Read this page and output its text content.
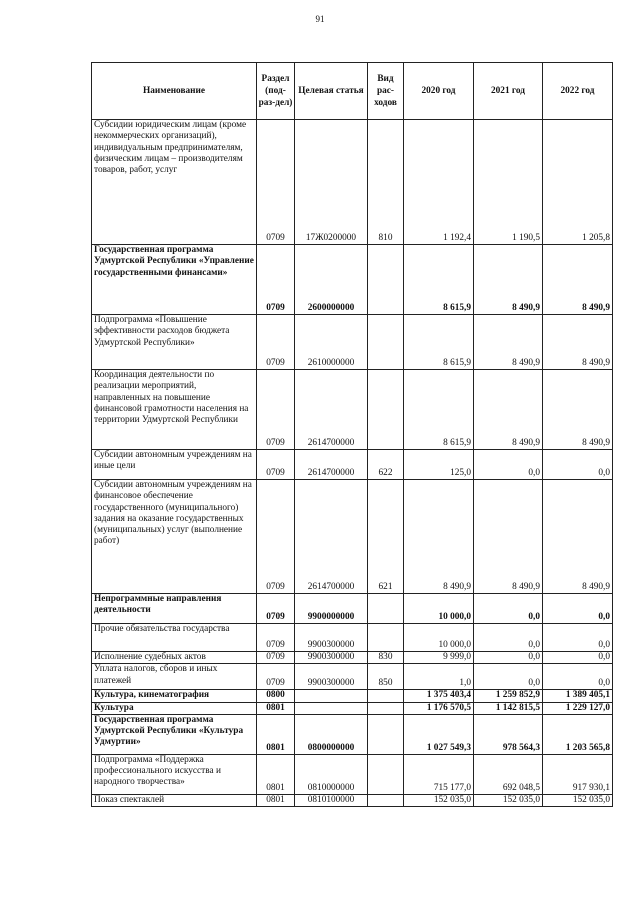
91
Наименование	Раздел (под-раз-дел)	Целевая статья	Вид рас-ходов	2020 год	2021 год	2022 год
Субсидии юридическим лицам (кроме некоммерческих организаций), индивидуальным предпринимателям, физическим лицам – производителям товаров, работ, услуг	0709	17Ж0200000	810	1 192,4	1 190,5	1 205,8
Государственная программа Удмуртской Республики «Управление государственными финансами»	0709	2600000000		8 615,9	8 490,9	8 490,9
Подпрограмма «Повышение эффективности расходов бюджета Удмуртской Республики»	0709	2610000000		8 615,9	8 490,9	8 490,9
Координация деятельности по реализации мероприятий, направленных на повышение финансовой грамотности населения на территории Удмуртской Республики	0709	2614700000		8 615,9	8 490,9	8 490,9
Субсидии автономным учреждениям на иные цели	0709	2614700000	622	125,0	0,0	0,0
Субсидии автономным учреждениям на финансовое обеспечение государственного (муниципального) задания на оказание государственных (муниципальных) услуг (выполнение работ)	0709	2614700000	621	8 490,9	8 490,9	8 490,9
Непрограммные направления деятельности	0709	9900000000		10 000,0	0,0	0,0
Прочие обязательства государства	0709	9900300000		10 000,0	0,0	0,0
Исполнение судебных актов	0709	9900300000	830	9 999,0	0,0	0,0
Уплата налогов, сборов и иных платежей	0709	9900300000	850	1,0	0,0	0,0
Культура, кинематография	0800			1 375 403,4	1 259 852,9	1 389 405,1
Культура	0801			1 176 570,5	1 142 815,5	1 229 127,0
Государственная программа Удмуртской Республики «Культура Удмуртии»	0801	0800000000		1 027 549,3	978 564,3	1 203 565,8
Подпрограмма «Поддержка профессионального искусства и народного творчества»	0801	0810000000		715 177,0	692 048,5	917 930,1
Показ спектаклей	0801	0810100000		152 035,0	152 035,0	152 035,0
